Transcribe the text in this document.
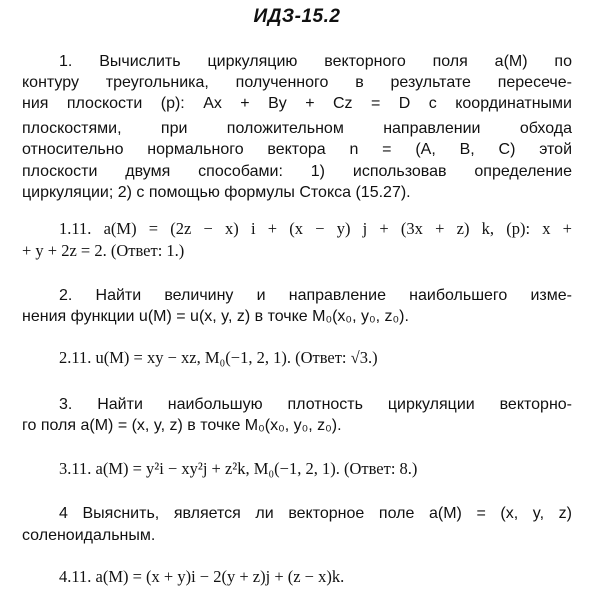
ИДЗ-15.2
1. Вычислить циркуляцию векторного поля a(M) по
контуру треугольника, полученного в результате пересече-
ния плоскости (p): Ax + By + Cz = D с координатными
плоскостями, при положительном направлении обхода
относительно нормального вектора n = (A, B, C) этой
плоскости двумя способами: 1) использовав определение
циркуляции; 2) с помощью формулы Стокса (15.27).
1.11. a(M) = (2z − x) i + (x − y) j + (3x + z) k, (p): x +
+ y + 2z = 2. (Ответ: 1.)
2. Найти величину и направление наибольшего изме-
нения функции u(M) = u(x, y, z) в точке M₀(x₀, y₀, z₀).
2.11. u(M) = xy − xz, M₀(−1, 2, 1). (Ответ: √3.)
3. Найти наибольшую плотность циркуляции векторно-
го поля a(M) = (x, y, z) в точке M₀(x₀, y₀, z₀).
3.11. a(M) = y²i − xy²j + z²k, M₀(−1, 2, 1). (Ответ: 8.)
4 Выяснить, является ли векторное поле a(M) = (x, y, z)
соленоидальным.
4.11. a(M) = (x + y)i − 2(y + z)j + (z − x)k.
